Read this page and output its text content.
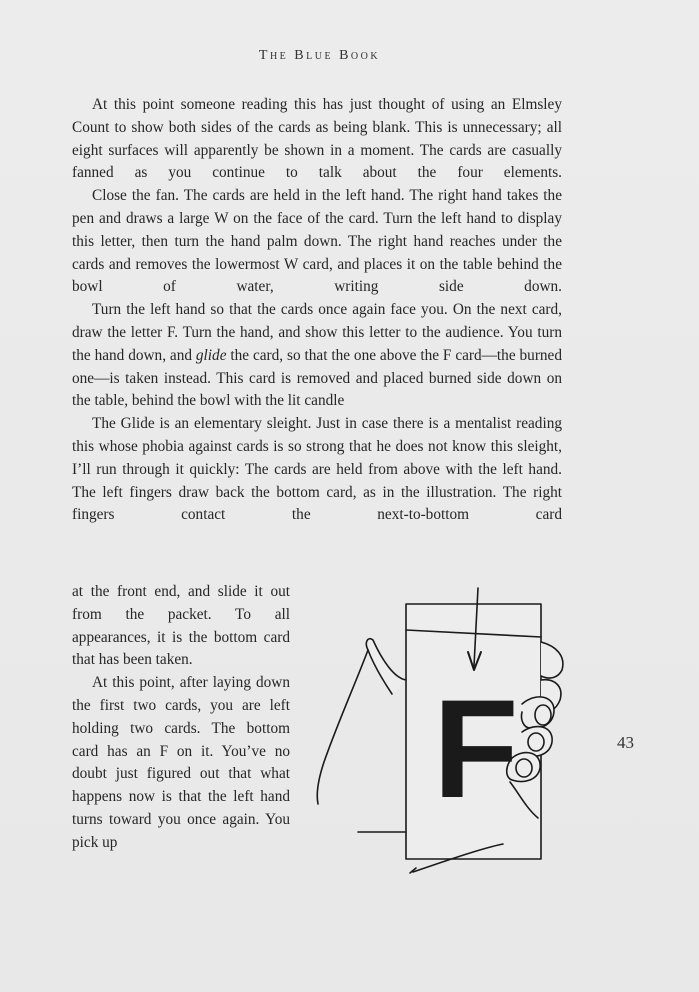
The Blue Book

At this point someone reading this has just thought of using an Elmsley Count to show both sides of the cards as being blank. This is unnecessary; all eight surfaces will apparently be shown in a moment. The cards are casually fanned as you continue to talk about the four elements.

Close the fan. The cards are held in the left hand. The right hand takes the pen and draws a large W on the face of the card. Turn the left hand to display this letter, then turn the hand palm down. The right hand reaches under the cards and removes the lowermost W card, and places it on the table behind the bowl of water, writing side down.

Turn the left hand so that the cards once again face you. On the next card, draw the letter F. Turn the hand, and show this letter to the audience. You turn the hand down, and glide the card, so that the one above the F card—the burned one—is taken instead. This card is removed and placed burned side down on the table, behind the bowl with the lit candle

The Glide is an elementary sleight. Just in case there is a mentalist reading this whose phobia against cards is so strong that he does not know this sleight, I’ll run through it quickly: The cards are held from above with the left hand. The left fingers draw back the bottom card, as in the illustration. The right fingers contact the next-to-bottom card

at the front end, and slide it out from the packet. To all appearances, it is the bottom card that has been taken.

At this point, after laying down the first two cards, you are left holding two cards. The bottom card has an F on it. You’ve no doubt just figured out that what happens now is that the left hand turns toward you once again. You pick up

F	43
